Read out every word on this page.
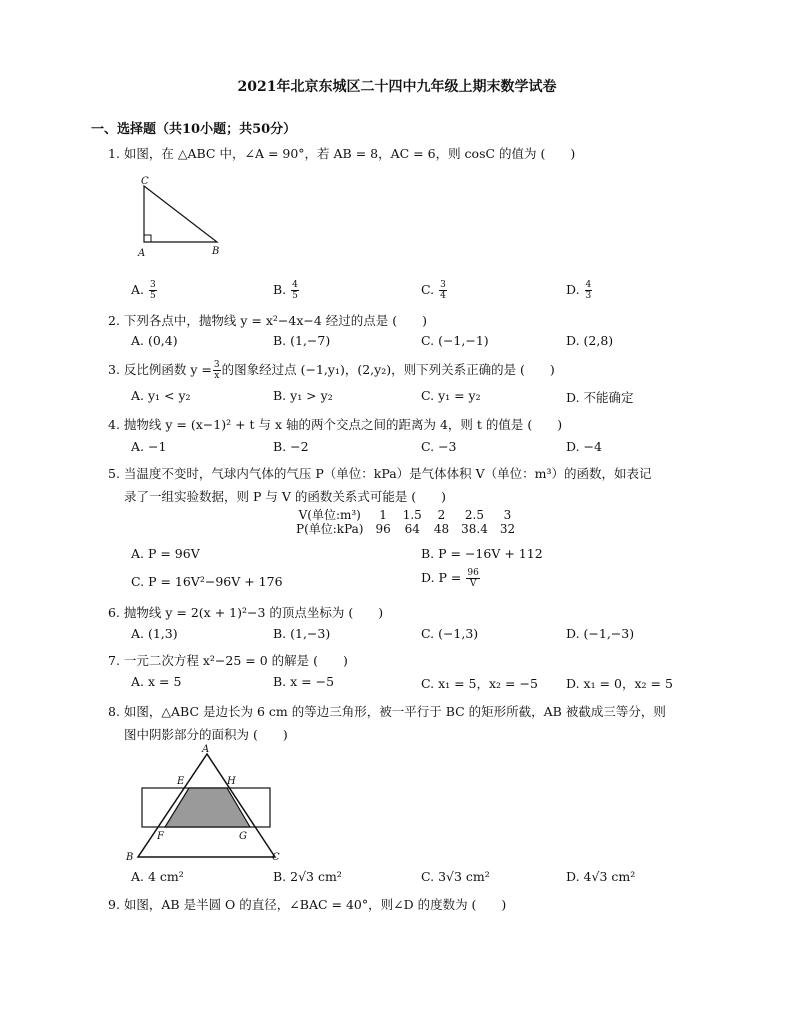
2021年北京东城区二十四中九年级上期末数学试卷
一、选择题（共10小题；共50分）
1. 如图，在 △ABC 中，∠A = 90°，若 AB = 8，AC = 6，则 cosC 的值为 (　　)
C
A	B
A. $\frac{3}{5}$	B. $\frac{4}{5}$	C. $\frac{3}{4}$	D. $\frac{4}{3}$
2. 下列各点中，抛物线 y = x²−4x−4 经过的点是 (　　)
A. (0,4)	B. (1,−7)	C. (−1,−1)	D. (2,8)
3. 反比例函数 $y = \frac{3}{x}$ 的图象经过点 (−1,y₁)，(2,y₂)，则下列关系正确的是 (　　)
A. y₁ < y₂	B. y₁ > y₂	C. y₁ = y₂	D. 不能确定
4. 抛物线 y = (x−1)² + t 与 x 轴的两个交点之间的距离为 4，则 t 的值是 (　　)
A. −1	B. −2	C. −3	D. −4
5. 当温度不变时，气球内气体的气压 P（单位：kPa）是气体体积 V（单位：m³）的函数，如表记
录了一组实验数据，则 P 与 V 的函数关系式可能是 (　　)
V(单位:m³)	1	1.5	2	2.5	3
P(单位:kPa)	96	64	48	38.4	32
A. P = 96V	B. P = −16V + 112
C. P = 16V²−96V + 176	D. $P = \frac{96}{V}$
6. 抛物线 y = 2(x + 1)²−3 的顶点坐标为 (　　)
A. (1,3)	B. (1,−3)	C. (−1,3)	D. (−1,−3)
7. 一元二次方程 x²−25 = 0 的解是 (　　)
A. x = 5	B. x = −5	C. x₁ = 5，x₂ = −5 D. x₁ = 0，x₂ = 5
8. 如图，△ABC 是边长为 6 cm 的等边三角形，被一平行于 BC 的矩形所截，AB 被截成三等分，则
图中阴影部分的面积为 (　　)
A
E	H
F	G
B	C
A. 4 cm²	B. 2√3 cm²	C. 3√3 cm²	D. 4√3 cm²
9. 如图，AB 是半圆 O 的直径，∠BAC = 40°，则∠D 的度数为 (　　)
